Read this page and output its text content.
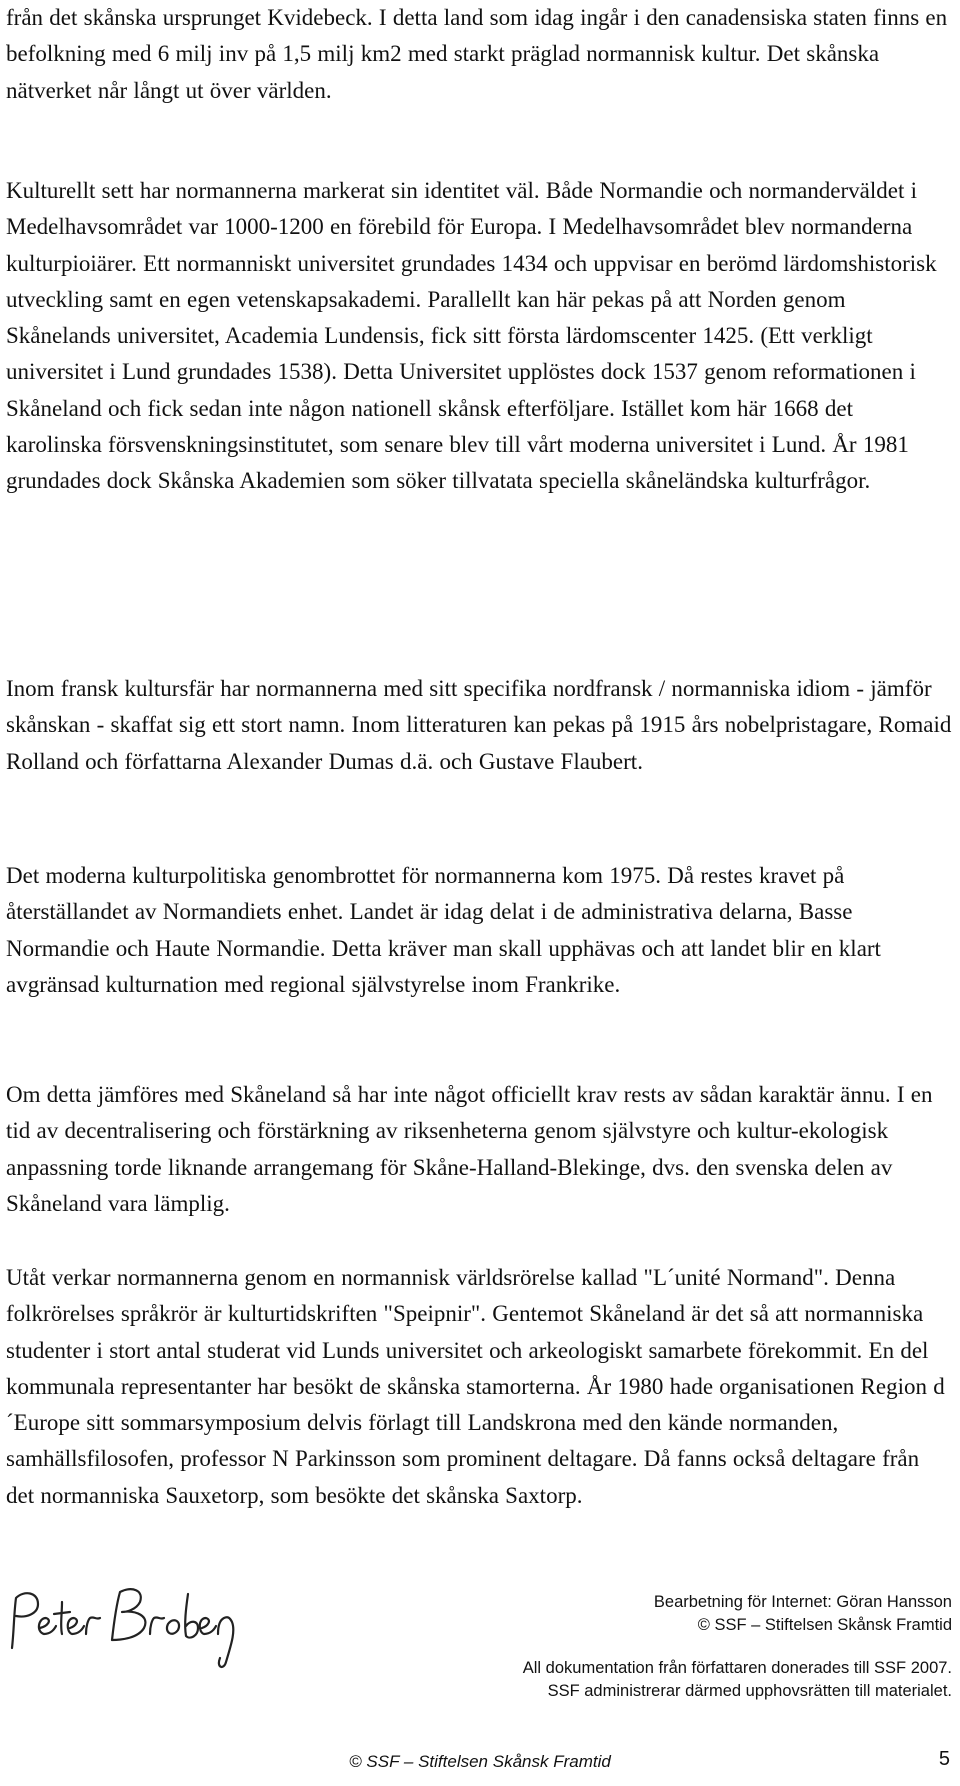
från det skånska ursprunget Kvidebeck. I detta land som idag ingår i den canadensiska staten finns en befolkning med 6 milj inv på 1,5 milj km2 med starkt präglad normannisk kultur. Det skånska nätverket når långt ut över världen.

Kulturellt sett har normannerna markerat sin identitet väl. Både Normandie och normanderväldet i Medelhavsområdet var 1000-1200 en förebild för Europa. I Medelhavsområdet blev normanderna kulturpioiärer. Ett normanniskt universitet grundades 1434 och uppvisar en berömd lärdomshistorisk utveckling samt en egen vetenskapsakademi. Parallellt kan här pekas på att Norden genom Skånelands universitet, Academia Lundensis, fick sitt första lärdomscenter 1425. (Ett verkligt universitet i Lund grundades 1538). Detta Universitet upplöstes dock 1537 genom reformationen i Skåneland och fick sedan inte någon nationell skånsk efterföljare. Istället kom här 1668 det karolinska försvenskningsinstitutet, som senare blev till vårt moderna universitet i Lund. År 1981 grundades dock Skånska Akademien som söker tillvatata speciella skåneländska kulturfrågor.

Inom fransk kultursfär har normannerna med sitt specifika nordfransk / normanniska idiom - jämför skånskan - skaffat sig ett stort namn. Inom litteraturen kan pekas på 1915 års nobelpristagare, Romaid Rolland och författarna Alexander Dumas d.ä. och Gustave Flaubert.

Det moderna kulturpolitiska genombrottet för normannerna kom 1975. Då restes kravet på återställandet av Normandiets enhet. Landet är idag delat i de administrativa delarna, Basse Normandie och Haute Normandie. Detta kräver man skall upphävas och att landet blir en klart avgränsad kulturnation med regional självstyrelse inom Frankrike.

Om detta jämföres med Skåneland så har inte något officiellt krav rests av sådan karaktär ännu. I en tid av decentralisering och förstärkning av riksenheterna genom självstyre och kultur-ekologisk anpassning torde liknande arrangemang för Skåne-Halland-Blekinge, dvs. den svenska delen av Skåneland vara lämplig.

Utåt verkar normannerna genom en normannisk världsrörelse kallad "L´unité Normand". Denna folkrörelses språkrör är kulturtidskriften "Speipnir". Gentemot Skåneland är det så att normanniska studenter i stort antal studerat vid Lunds universitet och arkeologiskt samarbete förekommit. En del kommunala representanter har besökt de skånska stamorterna. År 1980 hade organisationen Region d´Europe sitt sommarsymposium delvis förlagt till Landskrona med den kände normanden, samhällsfilosofen, professor N Parkinsson som prominent deltagare. Då fanns också deltagare från det normanniska Sauxetorp, som besökte det skånska Saxtorp.

Bearbetning för Internet: Göran Hansson
© SSF – Stiftelsen Skånsk Framtid
All dokumentation från författaren donerades till SSF 2007.
SSF administrerar därmed upphovsrätten till materialet.
© SSF – Stiftelsen Skånsk Framtid	5
